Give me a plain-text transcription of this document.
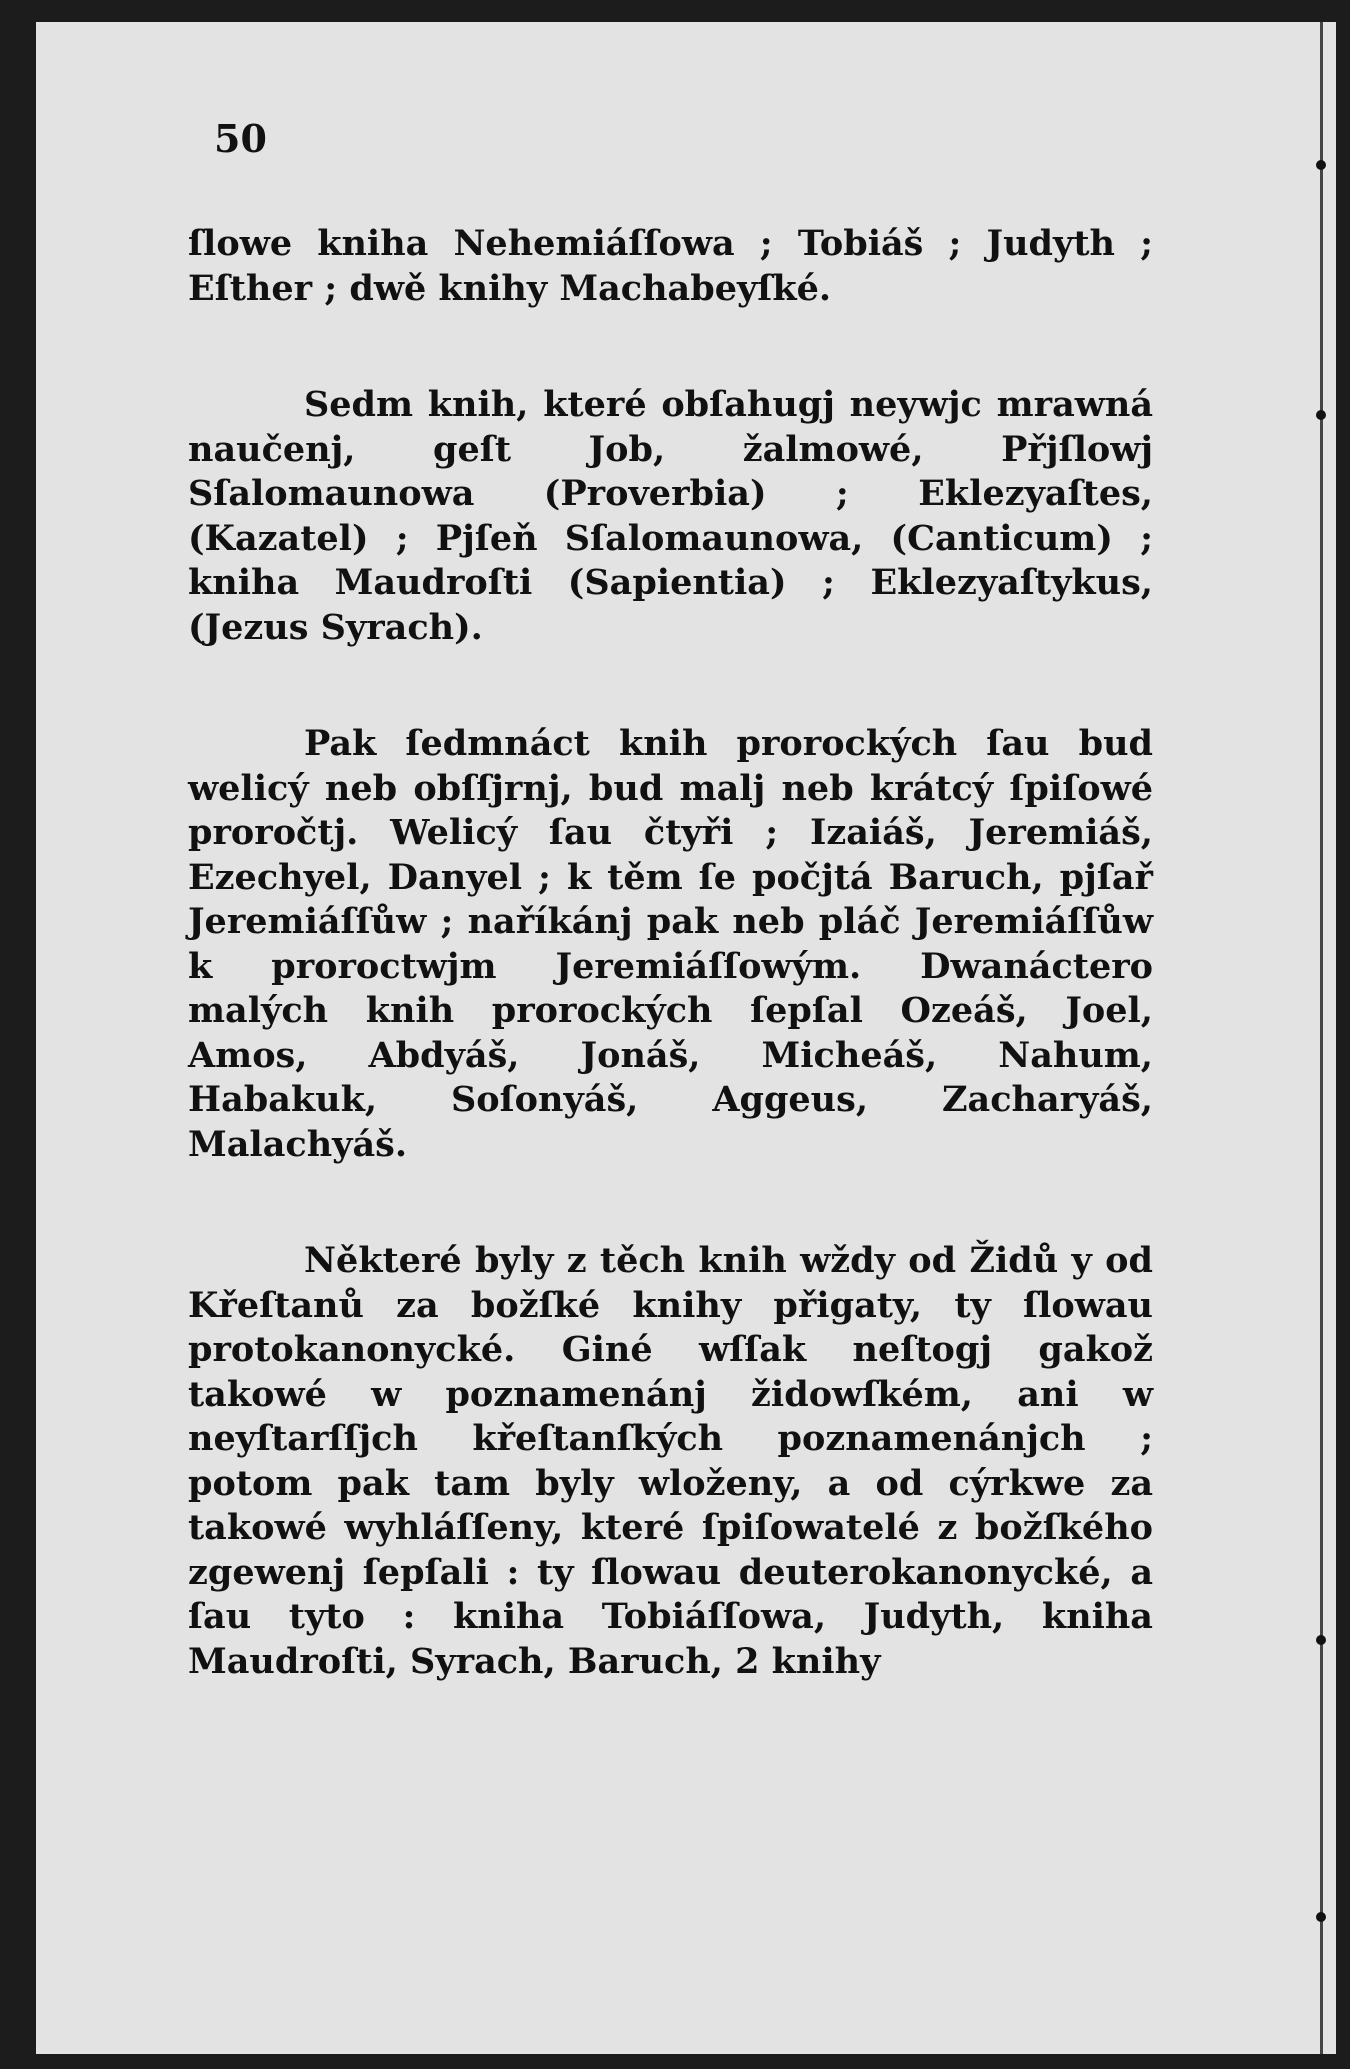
50

ſlowe kniha Nehemiáſſowa ; Tobiáš ; Judyth ; Eſther ; dwě knihy Machabeyſké.

Sedm knih, které obſahugj neywjc mrawná naučenj, geſt Job, žalmowé, Přjſlowj Sſalomaunowa (Proverbia) ; Eklezyaſtes, (Kazatel) ; Pjſeň Sſalomaunowa, (Canticum) ; kniha Maudroſti (Sapientia) ; Eklezyaſtykus, (Jezus Syrach).

Pak ſedmnáct knih prorockých ſau bud welicý neb obſſjrnj, bud malj neb krátcý ſpiſowé proročtj. Welicý ſau čtyři ; Izaiáš, Jeremiáš, Ezechyel, Danyel ; k těm ſe počjtá Baruch, pjſař Jeremiáſſůw ; naříkánj pak neb pláč Jeremiáſſůw k proroctwjm Jeremiáſſowým. Dwanáctero malých knih prorockých ſepſal Ozeáš, Joel, Amos, Abdyáš, Jonáš, Micheáš, Nahum, Habakuk, Soſonyáš, Aggeus, Zacharyáš, Malachyáš.

Některé byly z těch knih wždy od Židů y od Křeſtanů za božſké knihy přigaty, ty ſlowau protokanonycké. Giné wſſak neſtogj gakož takowé w poznamenánj židowſkém, ani w neyſtarſſjch křeſtanſkých poznamenánjch ; potom pak tam byly wloženy, a od cýrkwe za takowé wyhláſſeny, které ſpiſowatelé z božſkého zgewenj ſepſali : ty ſlowau deuterokanonycké, a ſau tyto : kniha Tobiáſſowa, Judyth, kniha Maudroſti, Syrach, Baruch, 2 knihy
